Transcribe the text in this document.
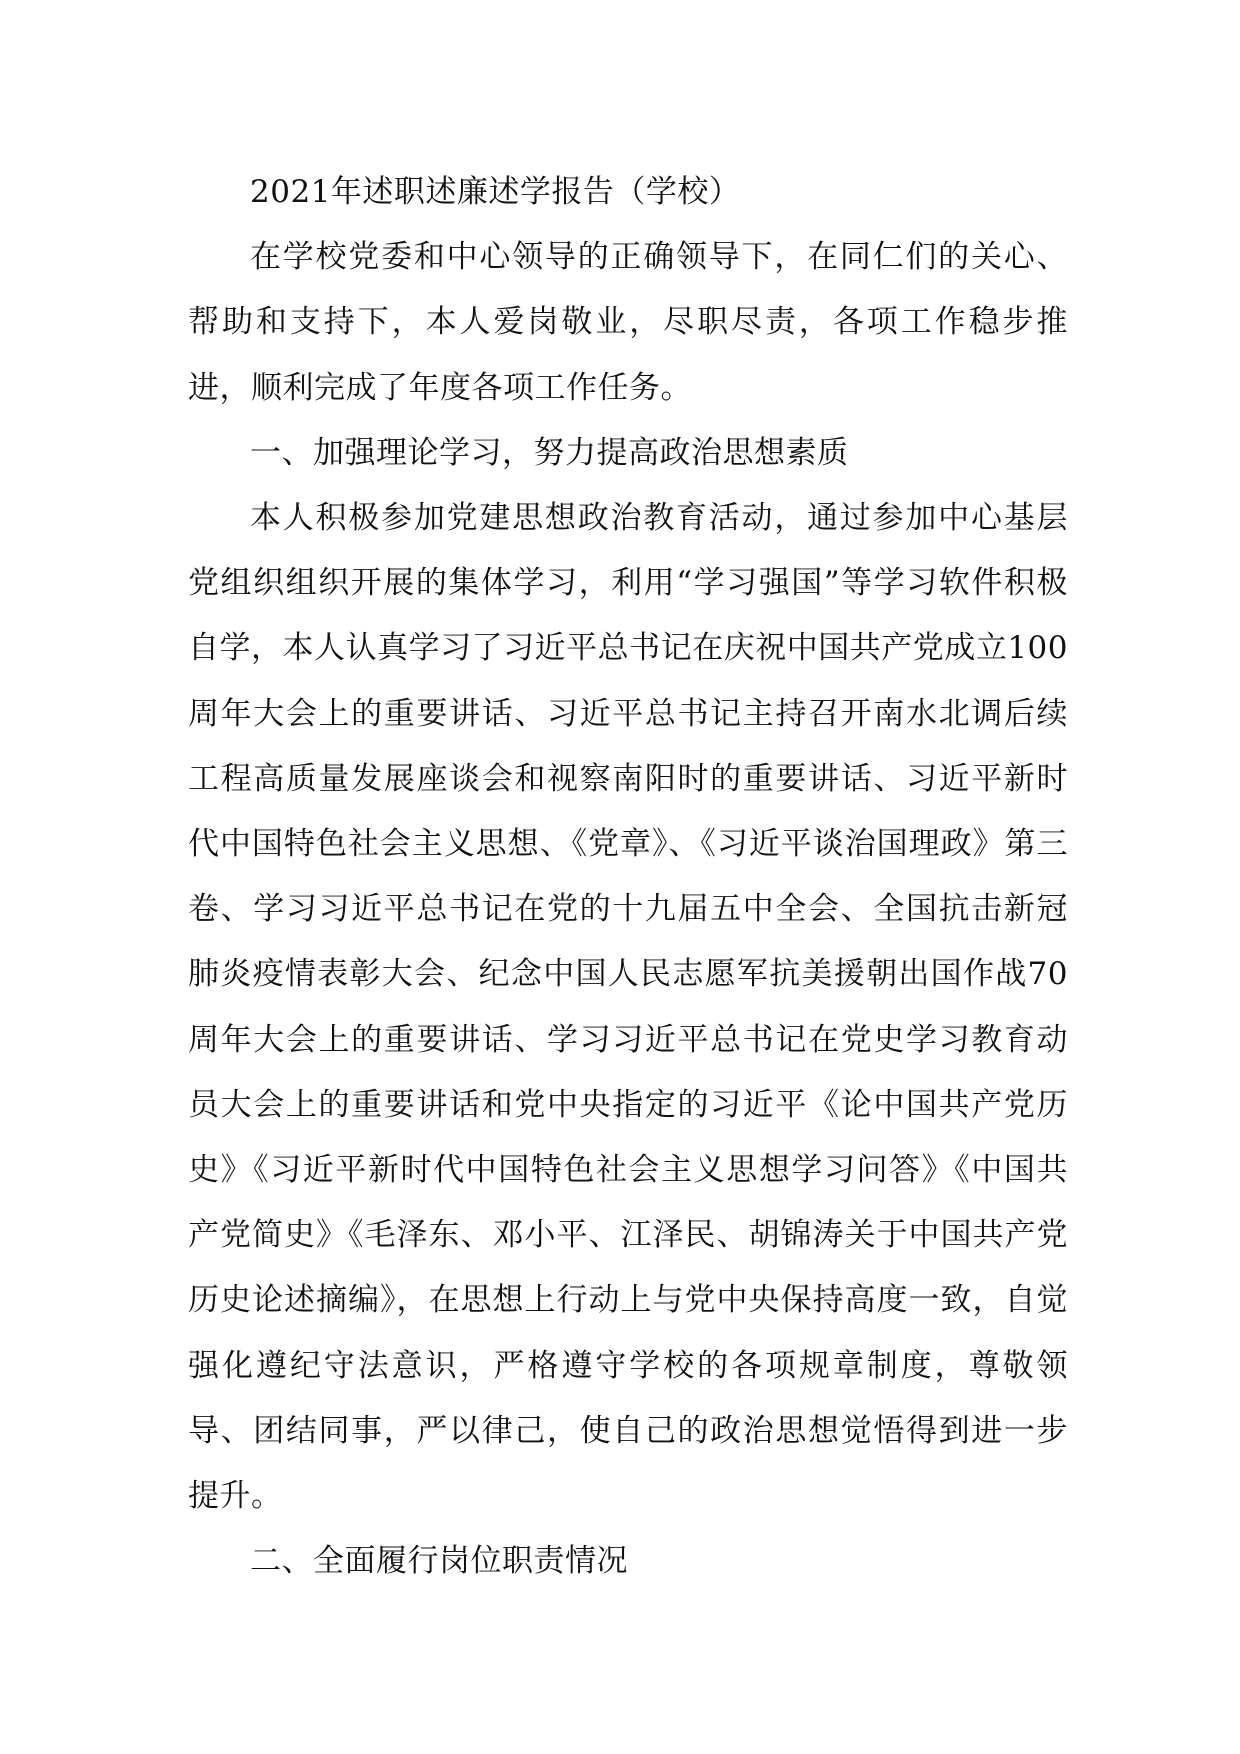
2021年述职述廉述学报告（学校）

在学校党委和中心领导的正确领导下，在同仁们的关心、帮助和支持下，本人爱岗敬业，尽职尽责，各项工作稳步推进，顺利完成了年度各项工作任务。

一、加强理论学习，努力提高政治思想素质

本人积极参加党建思想政治教育活动，通过参加中心基层党组织组织开展的集体学习，利用“学习强国”等学习软件积极自学，本人认真学习了习近平总书记在庆祝中国共产党成立100周年大会上的重要讲话、习近平总书记主持召开南水北调后续工程高质量发展座谈会和视察南阳时的重要讲话、习近平新时代中国特色社会主义思想、《党章》、《习近平谈治国理政》第三卷、学习习近平总书记在党的十九届五中全会、全国抗击新冠肺炎疫情表彰大会、纪念中国人民志愿军抗美援朝出国作战70周年大会上的重要讲话、学习习近平总书记在党史学习教育动员大会上的重要讲话和党中央指定的习近平《论中国共产党历史》《习近平新时代中国特色社会主义思想学习问答》《中国共产党简史》《毛泽东、邓小平、江泽民、胡锦涛关于中国共产党历史论述摘编》，在思想上行动上与党中央保持高度一致，自觉强化遵纪守法意识，严格遵守学校的各项规章制度，尊敬领导、团结同事，严以律己，使自己的政治思想觉悟得到进一步提升。

二、全面履行岗位职责情况
